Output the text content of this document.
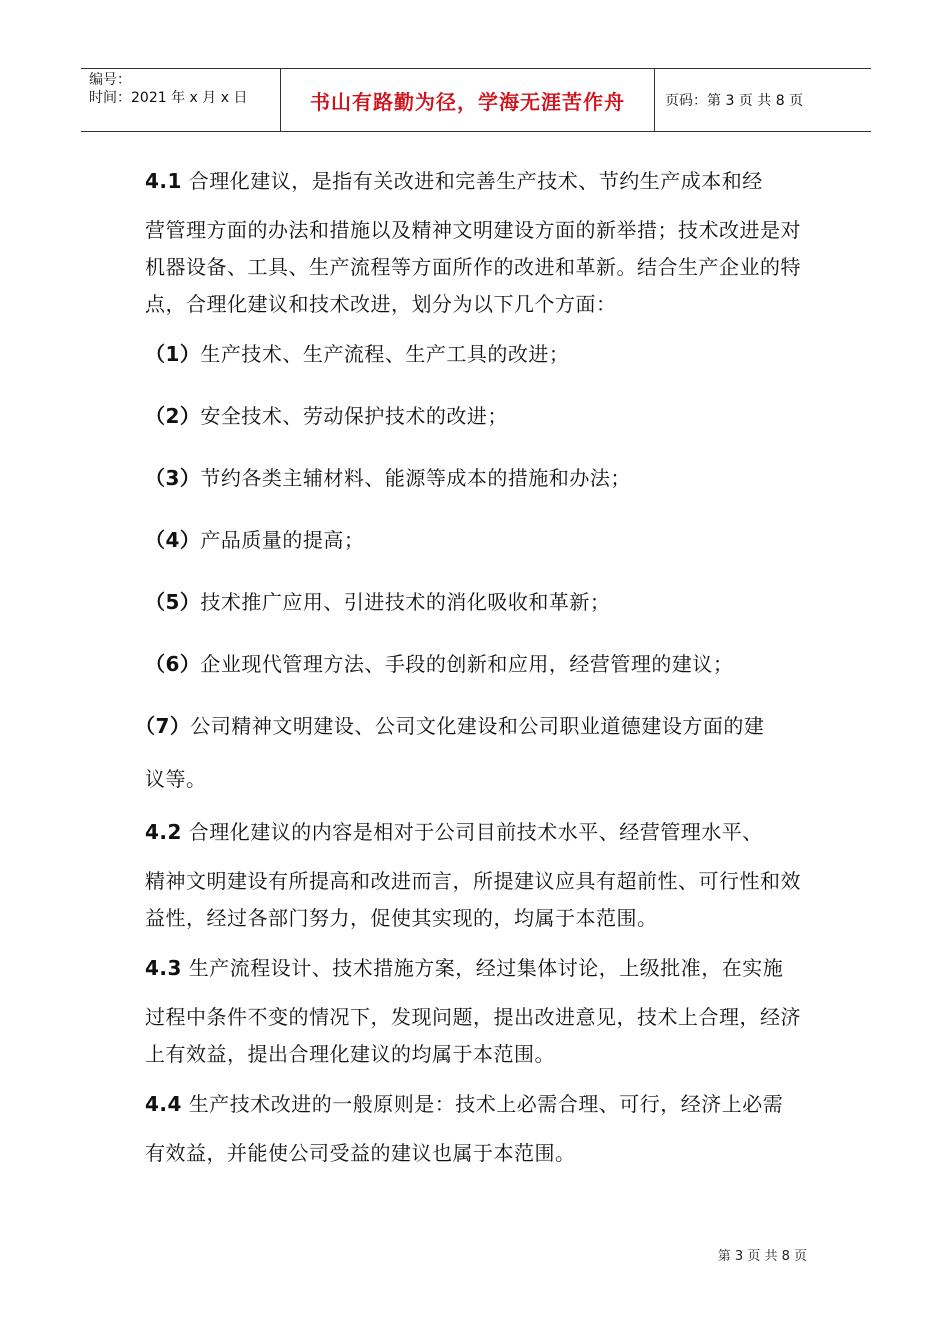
编号：
时间：2021 年 x 月 x 日	书山有路勤为径，学海无涯苦作舟	页码：第 3 页 共 8 页

4.1 合理化建议，是指有关改进和完善生产技术、节约生产成本和经
营管理方面的办法和措施以及精神文明建设方面的新举措；技术改进是对机器设备、工具、生产流程等方面所作的改进和革新。结合生产企业的特点，合理化建议和技术改进，划分为以下几个方面：

（1）生产技术、生产流程、生产工具的改进；

（2）安全技术、劳动保护技术的改进；

（3）节约各类主辅材料、能源等成本的措施和办法；

（4）产品质量的提高；

（5）技术推广应用、引进技术的消化吸收和革新；

（6）企业现代管理方法、手段的创新和应用，经营管理的建议；

（7）公司精神文明建设、公司文化建设和公司职业道德建设方面的建

议等。

4.2 合理化建议的内容是相对于公司目前技术水平、经营管理水平、
精神文明建设有所提高和改进而言，所提建议应具有超前性、可行性和效益性，经过各部门努力，促使其实现的，均属于本范围。

4.3 生产流程设计、技术措施方案，经过集体讨论，上级批准，在实施
过程中条件不变的情况下，发现问题，提出改进意见，技术上合理，经济上有效益，提出合理化建议的均属于本范围。

4.4 生产技术改进的一般原则是：技术上必需合理、可行，经济上必需
有效益，并能使公司受益的建议也属于本范围。

第 3 页 共 8 页
